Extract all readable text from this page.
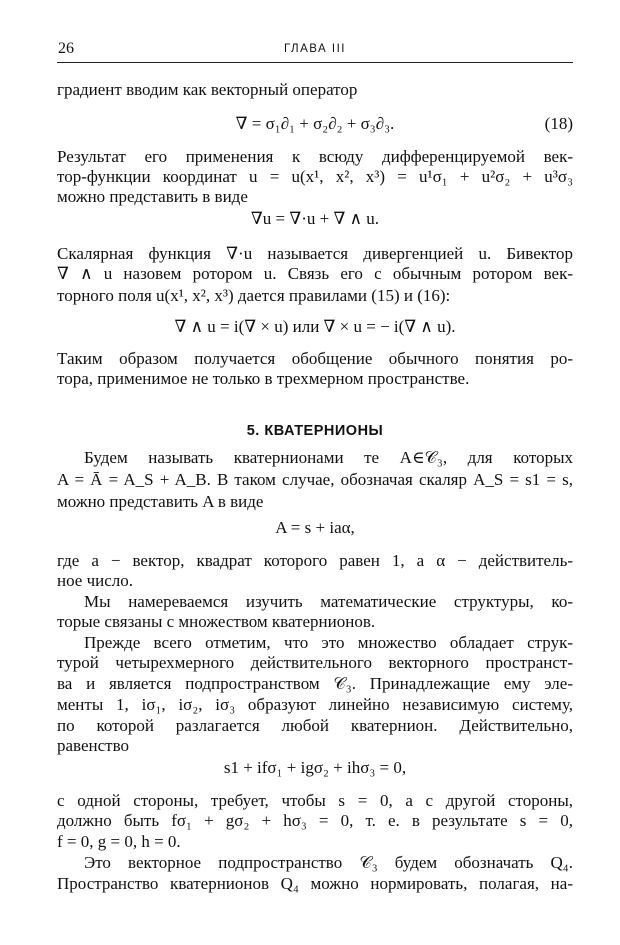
26	ГЛАВА III
градиент вводим как векторный оператор
∇ = σ₁∂₁ + σ₂∂₂ + σ₃∂₃.	(18)
Результат его применения к всюду дифференцируемой век-
тор-функции координат u = u(x¹, x², x³) = u¹σ₁ + u²σ₂ + u³σ₃
можно представить в виде
∇u = ∇·u + ∇ ∧ u.
Скалярная функция ∇·u называется дивергенцией u. Бивектор
∇ ∧ u назовем ротором u. Связь его с обычным ротором век-
торного поля u(x¹, x², x³) дается правилами (15) и (16):
∇ ∧ u = i(∇ × u) или ∇ × u = − i(∇ ∧ u).
Таким образом получается обобщение обычного понятия ро-
тора, применимое не только в трехмерном пространстве.
5. КВАТЕРНИОНЫ
Будем называть кватернионами те A∈𝒞₃, для которых
A = Ā = A_S + A_B. В таком случае, обозначая скаляр A_S = s1 = s,
можно представить A в виде
A = s + iaα,
где a − вектор, квадрат которого равен 1, а α − действитель-
ное число.
Мы намереваемся изучить математические структуры, ко-
торые связаны с множеством кватернионов.
Прежде всего отметим, что это множество обладает струк-
турой четырехмерного действительного векторного пространст-
ва и является подпространством 𝒞₃. Принадлежащие ему эле-
менты 1, iσ₁, iσ₂, iσ₃ образуют линейно независимую систему,
по которой разлагается любой кватернион. Действительно,
равенство
s1 + ifσ₁ + igσ₂ + ihσ₃ = 0,
с одной стороны, требует, чтобы s = 0, а с другой стороны,
должно быть fσ₁ + gσ₂ + hσ₃ = 0, т. е. в результате s = 0,
f = 0, g = 0, h = 0.
Это векторное подпространство 𝒞₃ будем обозначать Q₄.
Пространство кватернионов Q₄ можно нормировать, полагая, на-
